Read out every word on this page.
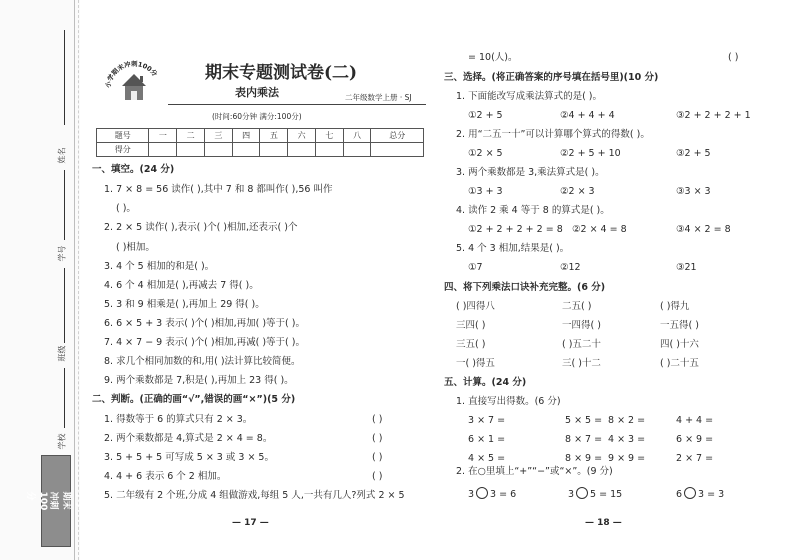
姓名
学号
班级
学校
小学期末冲刺100分
小学期末冲刺100分	期末专题测试卷(二)
表内乘法	二年级数学上册 · SJ
(时间:60分钟 满分:100分)
题号	一	二	三	四	五	六	七	八	总分
得分									
一、填空。(24 分)
1. 7 × 8 = 56 读作( ),其中 7 和 8 都叫作( ),56 叫作
( )。
2. 2 × 5 读作( ),表示( )个( )相加,还表示( )个
( )相加。
3. 4 个 5 相加的和是( )。
4. 6 个 4 相加是( ),再减去 7 得( )。
5. 3 和 9 相乘是( ),再加上 29 得( )。
6. 6 × 5 + 3 表示( )个( )相加,再加( )等于( )。
7. 4 × 7 − 9 表示( )个( )相加,再减( )等于( )。
8. 求几个相同加数的和,用( )法计算比较简便。
9. 两个乘数都是 7,积是( ),再加上 23 得( )。
二、判断。(正确的画“√”,错误的画“×”)(5 分)
1. 得数等于 6 的算式只有 2 × 3。	( )
2. 两个乘数都是 4,算式是 2 × 4 = 8。	( )
3. 5 + 5 + 5 可写成 5 × 3 或 3 × 5。	( )
4. 4 + 6 表示 6 个 2 相加。	( )
5. 二年级有 2 个班,分成 4 组做游戏,每组 5 人,一共有几人?列式 2 × 5
— 17 —
= 10(人)。	( )
三、选择。(将正确答案的序号填在括号里)(10 分)
1. 下面能改写成乘法算式的是( )。
①2 + 5	②4 + 4 + 4	③2 + 2 + 2 + 1
2. 用“二五一十”可以计算哪个算式的得数( )。
①2 × 5	②2 + 5 + 10	③2 + 5
3. 两个乘数都是 3,乘法算式是( )。
①3 + 3	②2 × 3	③3 × 3
4. 读作 2 乘 4 等于 8 的算式是( )。
①2 + 2 + 2 + 2 = 8 ②2 × 4 = 8	③4 × 2 = 8
5. 4 个 3 相加,结果是( )。
①7	②12	③21
四、将下列乘法口诀补充完整。(6 分)
( )四得八	二五( )	( )得九
三四( )	一四得( )	一五得( )
三五( )	( )五二十	四( )十六
一( )得五	三( )十二	( )二十五
五、计算。(24 分)
1. 直接写出得数。(6 分)
3 × 7 =	5 × 5 = 8 × 2 =	4 + 4 =
6 × 1 =	8 × 7 = 4 × 3 =	6 × 9 =
4 × 5 =	8 × 9 = 9 × 9 =	2 × 7 =
2. 在○里填上“+”“−”或“×”。(9 分)
3 3 = 6	3 5 = 15	6 3 = 3
— 18 —
